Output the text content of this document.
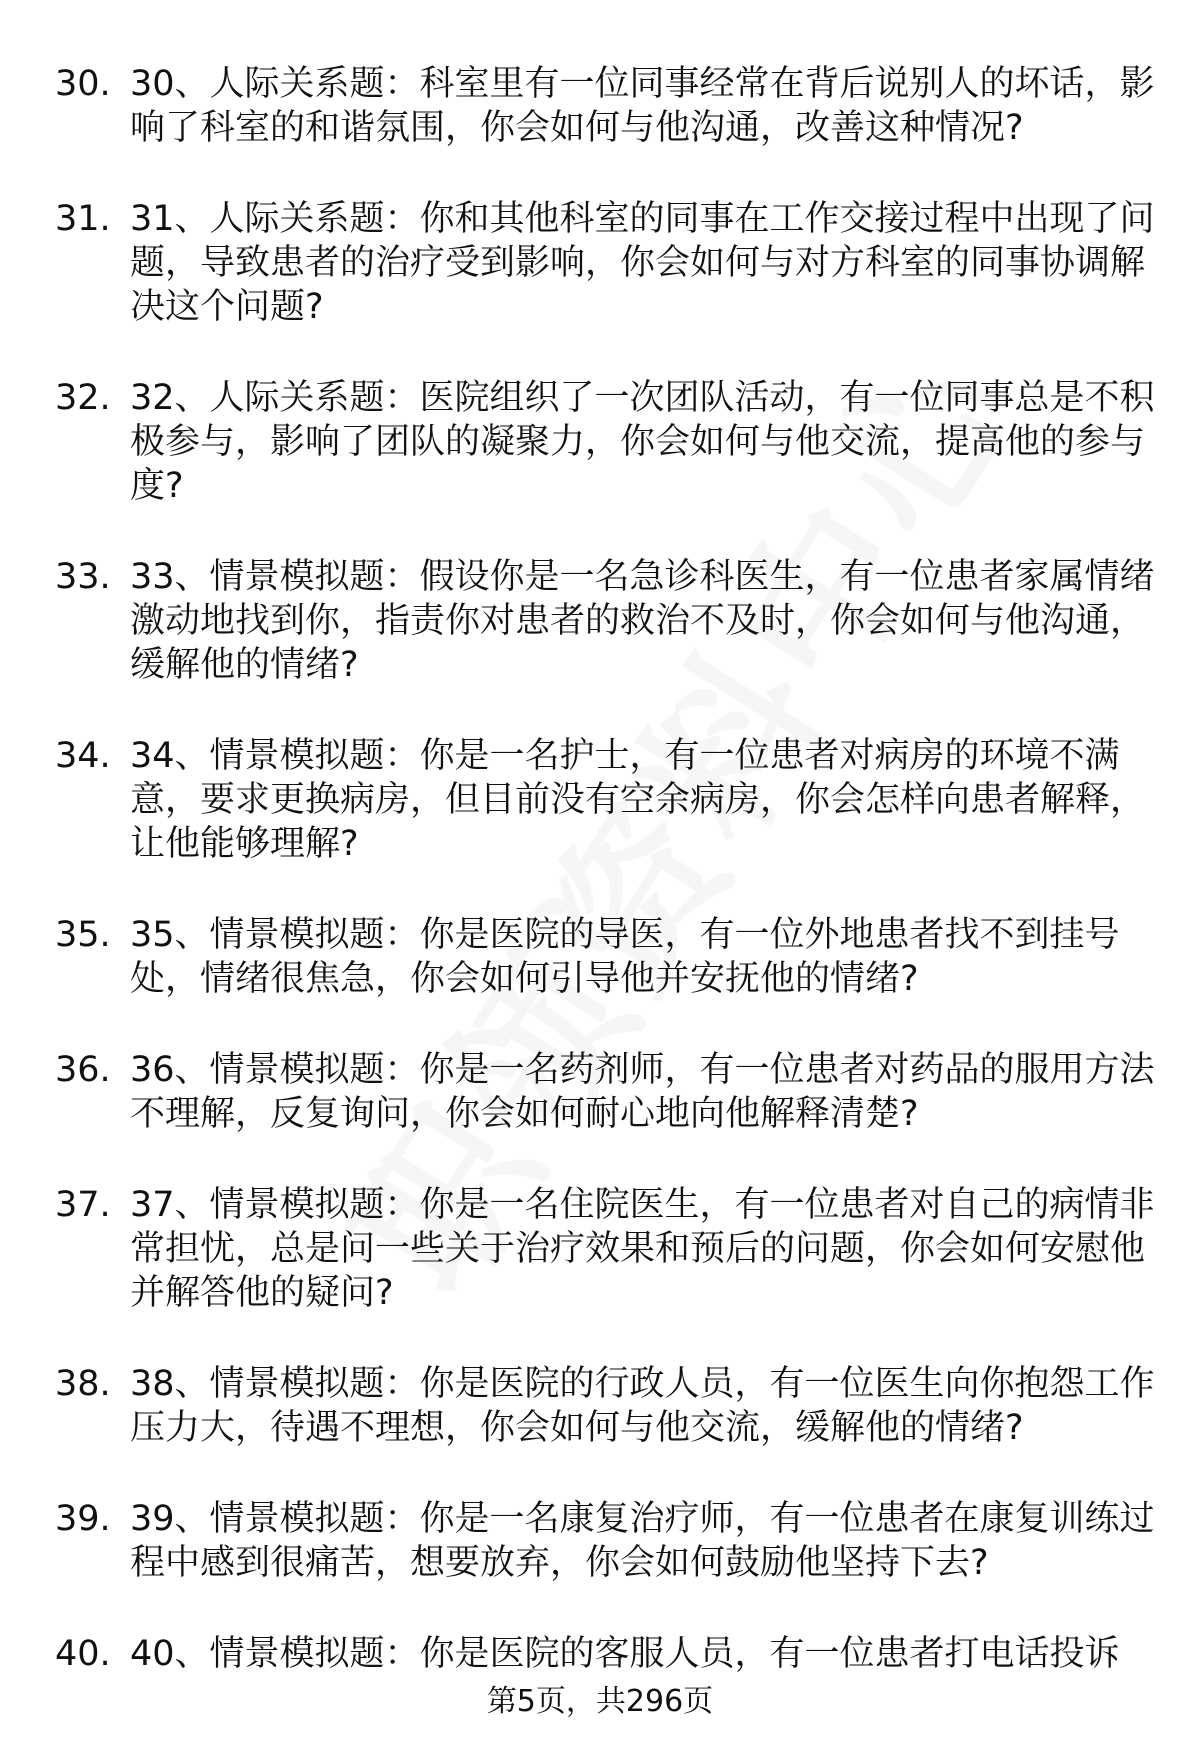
30. 30、人际关系题：科室里有一位同事经常在背后说别人的坏话，影响了科室的和谐氛围，你会如何与他沟通，改善这种情况?
31. 31、人际关系题：你和其他科室的同事在工作交接过程中出现了问题，导致患者的治疗受到影响，你会如何与对方科室的同事协调解决这个问题?
32. 32、人际关系题：医院组织了一次团队活动，有一位同事总是不积极参与，影响了团队的凝聚力，你会如何与他交流，提高他的参与度?
33. 33、情景模拟题：假设你是一名急诊科医生，有一位患者家属情绪激动地找到你，指责你对患者的救治不及时，你会如何与他沟通，缓解他的情绪?
34. 34、情景模拟题：你是一名护士，有一位患者对病房的环境不满意，要求更换病房，但目前没有空余病房，你会怎样向患者解释，让他能够理解?
35. 35、情景模拟题：你是医院的导医，有一位外地患者找不到挂号处，情绪很焦急，你会如何引导他并安抚他的情绪?
36. 36、情景模拟题：你是一名药剂师，有一位患者对药品的服用方法不理解，反复询问，你会如何耐心地向他解释清楚?
37. 37、情景模拟题：你是一名住院医生，有一位患者对自己的病情非常担忧，总是问一些关于治疗效果和预后的问题，你会如何安慰他并解答他的疑问?
38. 38、情景模拟题：你是医院的行政人员，有一位医生向你抱怨工作压力大，待遇不理想，你会如何与他交流，缓解他的情绪?
39. 39、情景模拟题：你是一名康复治疗师，有一位患者在康复训练过程中感到很痛苦，想要放弃，你会如何鼓励他坚持下去?
40. 40、情景模拟题：你是医院的客服人员，有一位患者打电话投诉
第5页，共296页
